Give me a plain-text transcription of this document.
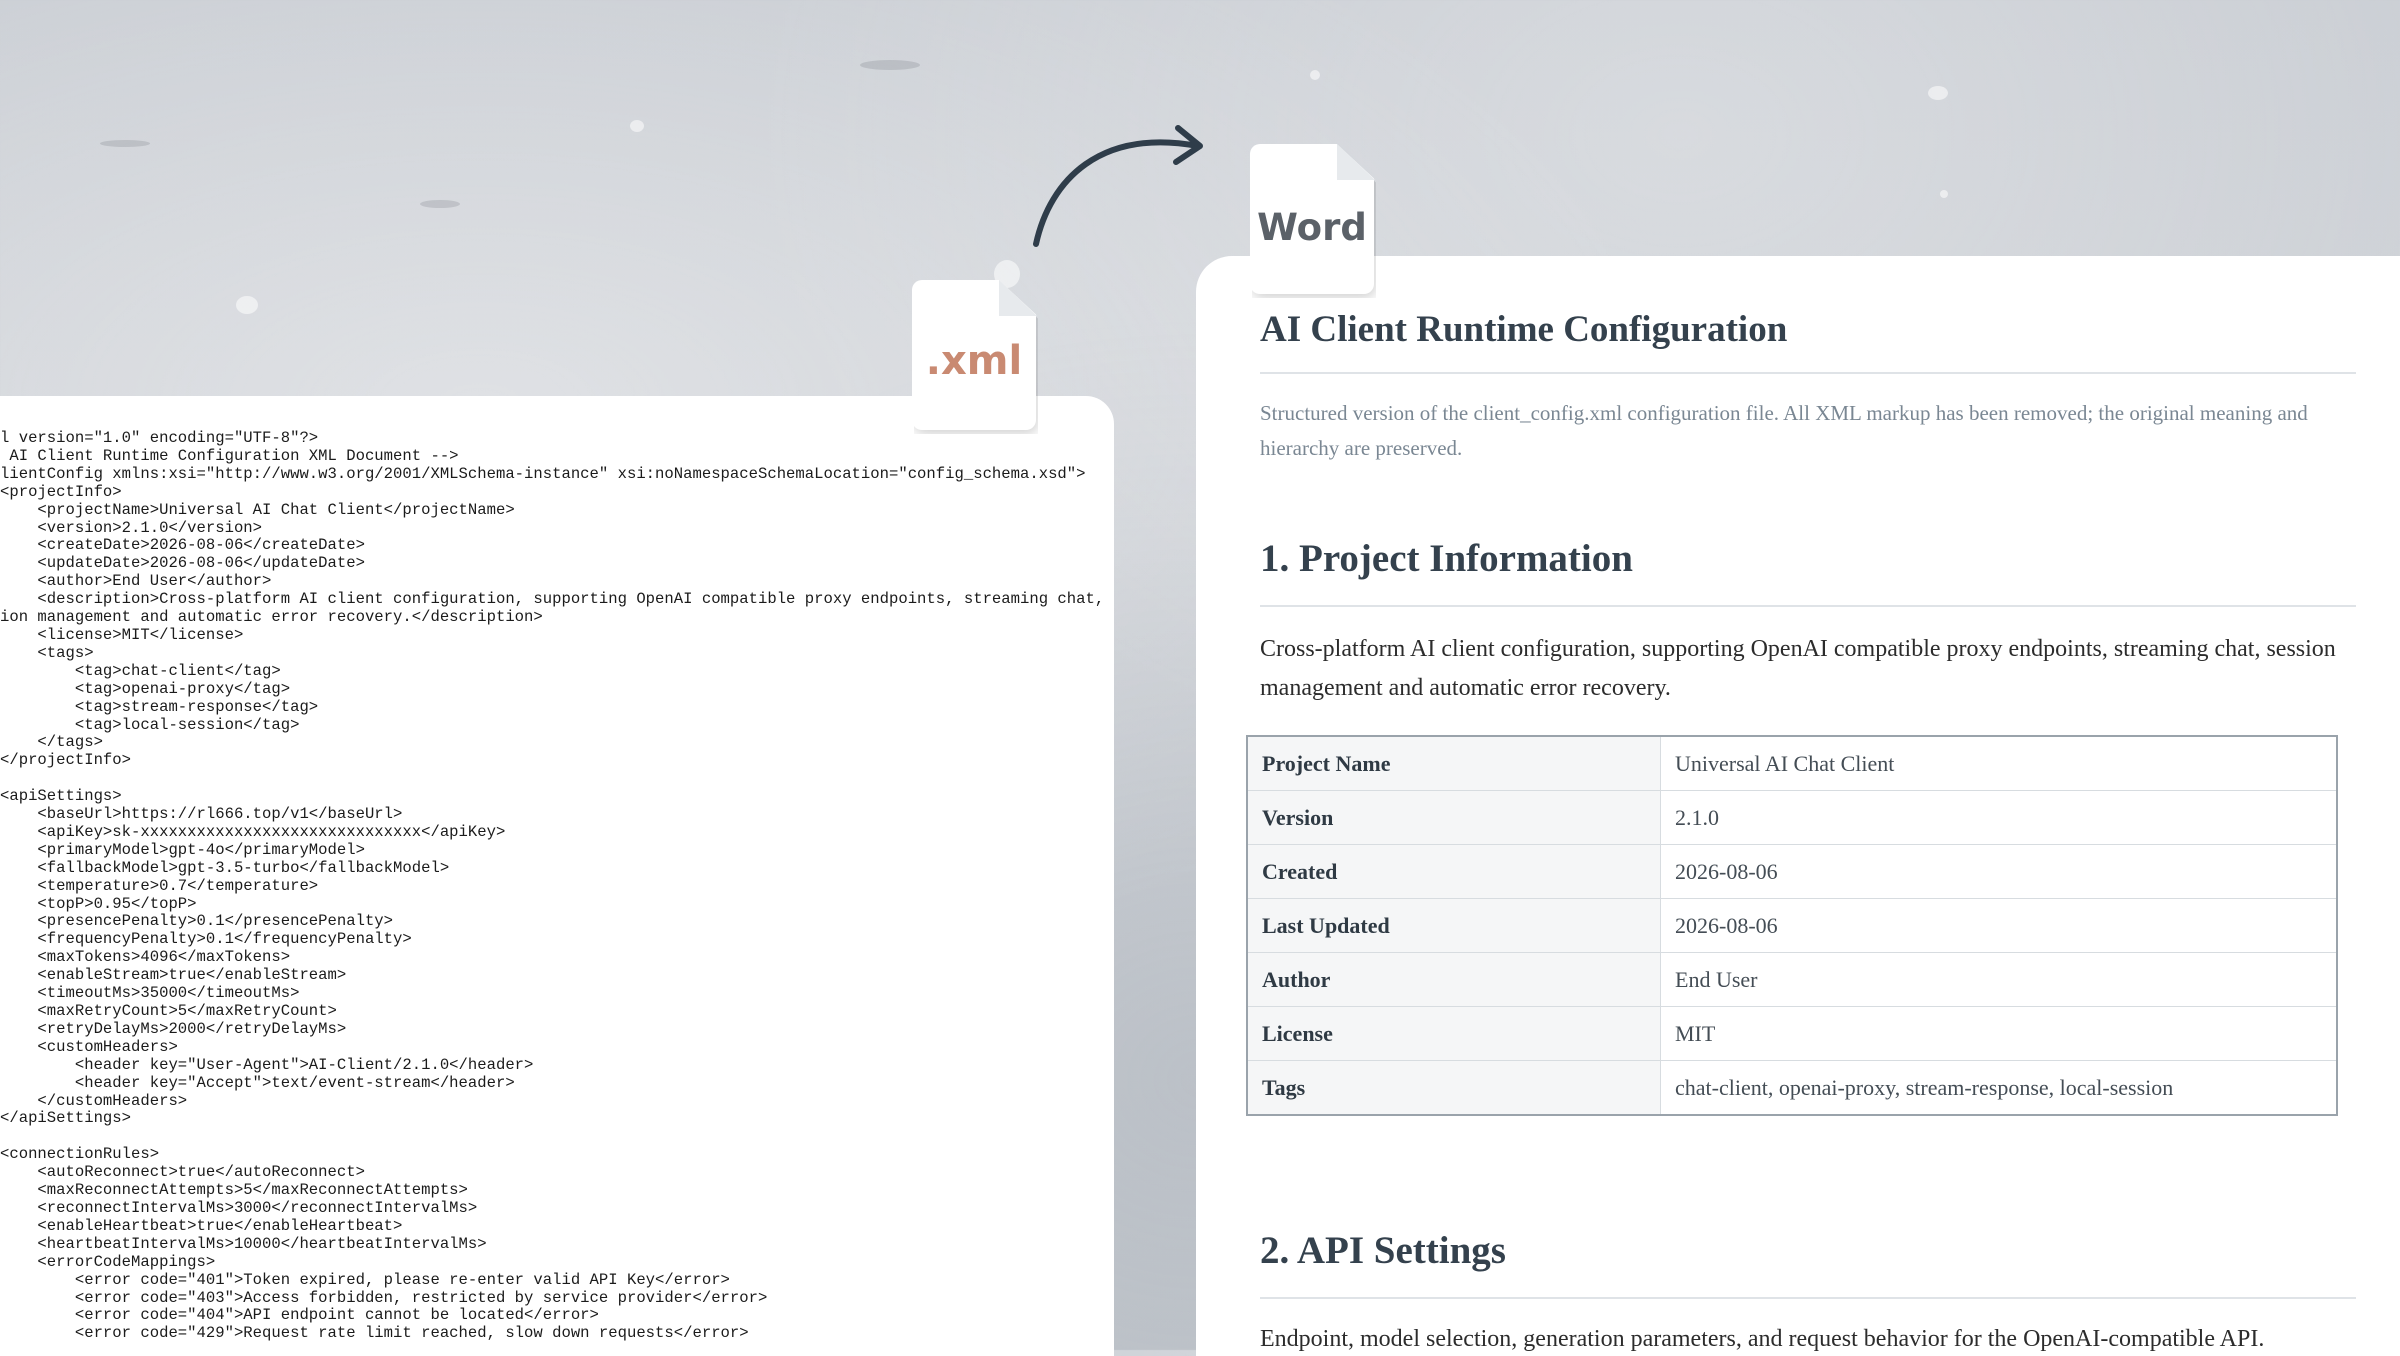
l version="1.0" encoding="UTF-8"?>
AI Client Runtime Configuration XML Document -->
lientConfig xmlns:xsi="http://www.w3.org/2001/XMLSchema-instance" xsi:noNamespaceSchemaLocation="config_schema.xsd">
<projectInfo>
<projectName>Universal AI Chat Client</projectName>
<version>2.1.0</version>
<createDate>2026-08-06</createDate>
<updateDate>2026-08-06</updateDate>
<author>End User</author>
<description>Cross-platform AI client configuration, supporting OpenAI compatible proxy endpoints, streaming chat,
ion management and automatic error recovery.</description>
<license>MIT</license>
<tags>
<tag>chat-client</tag>
<tag>openai-proxy</tag>
<tag>stream-response</tag>
<tag>local-session</tag>
</tags>
</projectInfo>

<apiSettings>
<baseUrl>https://rl666.top/v1</baseUrl>
<apiKey>sk-xxxxxxxxxxxxxxxxxxxxxxxxxxxxxx</apiKey>
<primaryModel>gpt-4o</primaryModel>
<fallbackModel>gpt-3.5-turbo</fallbackModel>
<temperature>0.7</temperature>
<topP>0.95</topP>
<presencePenalty>0.1</presencePenalty>
<frequencyPenalty>0.1</frequencyPenalty>
<maxTokens>4096</maxTokens>
<enableStream>true</enableStream>
<timeoutMs>35000</timeoutMs>
<maxRetryCount>5</maxRetryCount>
<retryDelayMs>2000</retryDelayMs>
<customHeaders>
<header key="User-Agent">AI-Client/2.1.0</header>
<header key="Accept">text/event-stream</header>
</customHeaders>
</apiSettings>

<connectionRules>
<autoReconnect>true</autoReconnect>
<maxReconnectAttempts>5</maxReconnectAttempts>
<reconnectIntervalMs>3000</reconnectIntervalMs>
<enableHeartbeat>true</enableHeartbeat>
<heartbeatIntervalMs>10000</heartbeatIntervalMs>
<errorCodeMappings>
<error code="401">Token expired, please re-enter valid API Key</error>
<error code="403">Access forbidden, restricted by service provider</error>
<error code="404">API endpoint cannot be located</error>
<error code="429">Request rate limit reached, slow down requests</error>

AI Client Runtime Configuration

Structured version of the client_config.xml configuration file. All XML markup has been removed; the original meaning and hierarchy are preserved.

1. Project Information

Cross-platform AI client configuration, supporting OpenAI compatible proxy endpoints, streaming chat, session management and automatic error recovery.

Project Name	Universal AI Chat Client
Version	2.1.0
Created	2026-08-06
Last Updated	2026-08-06
Author	End User
License	MIT
Tags	chat-client, openai-proxy, stream-response, local-session
2. API Settings

Endpoint, model selection, generation parameters, and request behavior for the OpenAI-compatible API.

.xml
Word
